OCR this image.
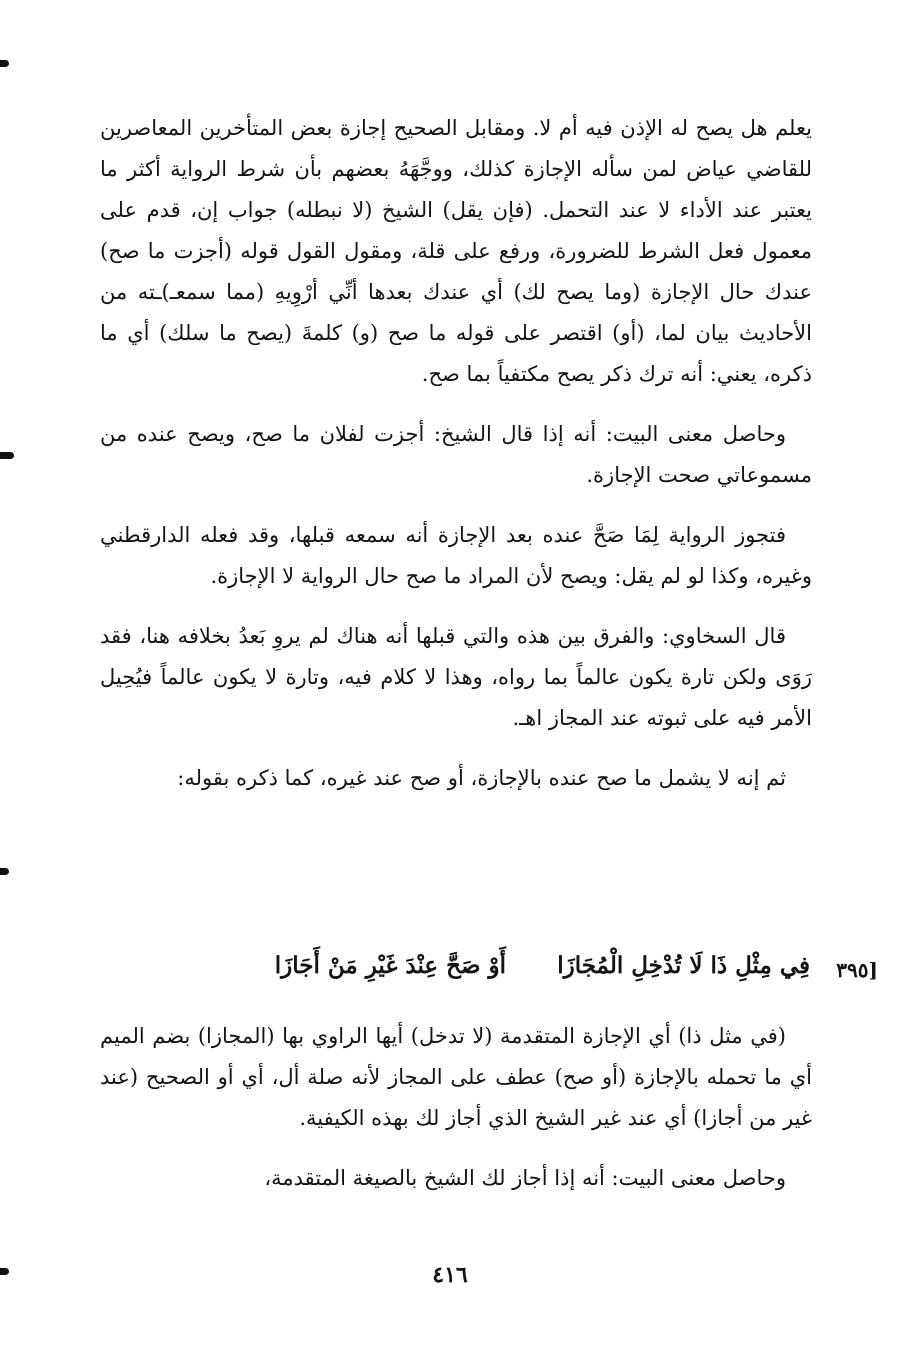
يعلم هل يصح له الإذن فيه أم لا. ومقابل الصحيح إجازة بعض المتأخرين المعاصرين للقاضي عياض لمن سأله الإجازة كذلك، ووجَّهَهُ بعضهم بأن شرط الرواية أكثر ما يعتبر عند الأداء لا عند التحمل. (فإن يقل) الشيخ (لا نبطله) جواب إن، قدم على معمول فعل الشرط للضرورة، ورفع على قلة، ومقول القول قوله (أجزت ما صح) عندك حال الإجازة (وما يصح لك) أي عندك بعدها أنِّي أرْوِيهِ (مما سمعـ)ـته من الأحاديث بيان لما، (أو) اقتصر على قوله ما صح (و) كلمةَ (يصح ما سلك) أي ما ذكره، يعني: أنه ترك ذكر يصح مكتفياً بما صح.

وحاصل معنى البيت: أنه إذا قال الشيخ: أجزت لفلان ما صح، ويصح عنده من مسموعاتي صحت الإجازة.

فتجوز الرواية لِمَا صَحَّ عنده بعد الإجازة أنه سمعه قبلها، وقد فعله الدارقطني وغيره، وكذا لو لم يقل: ويصح لأن المراد ما صح حال الرواية لا الإجازة.

قال السخاوي: والفرق بين هذه والتي قبلها أنه هناك لم يروِ بَعدُ بخلافه هنا، فقد رَوَى ولكن تارة يكون عالماً بما رواه، وهذا لا كلام فيه، وتارة لا يكون عالماً فيُحِيل الأمر فيه على ثبوته عند المجاز اهـ.

ثم إنه لا يشمل ما صح عنده بالإجازة، أو صح عند غيره، كما ذكره بقوله:

[٣٩٥
فِي مِثْلِ ذَا لَا تُدْخِلِ الْمُجَازَا
أَوْ صَحَّ عِنْدَ غَيْرِ مَنْ أَجَازَا

(في مثل ذا) أي الإجازة المتقدمة (لا تدخل) أيها الراوي بها (المجازا) بضم الميم أي ما تحمله بالإجازة (أو صح) عطف على المجاز لأنه صلة أل، أي أو الصحيح (عند غير من أجازا) أي عند غير الشيخ الذي أجاز لك بهذه الكيفية.

وحاصل معنى البيت: أنه إذا أجاز لك الشيخ بالصيغة المتقدمة،

٤١٦
